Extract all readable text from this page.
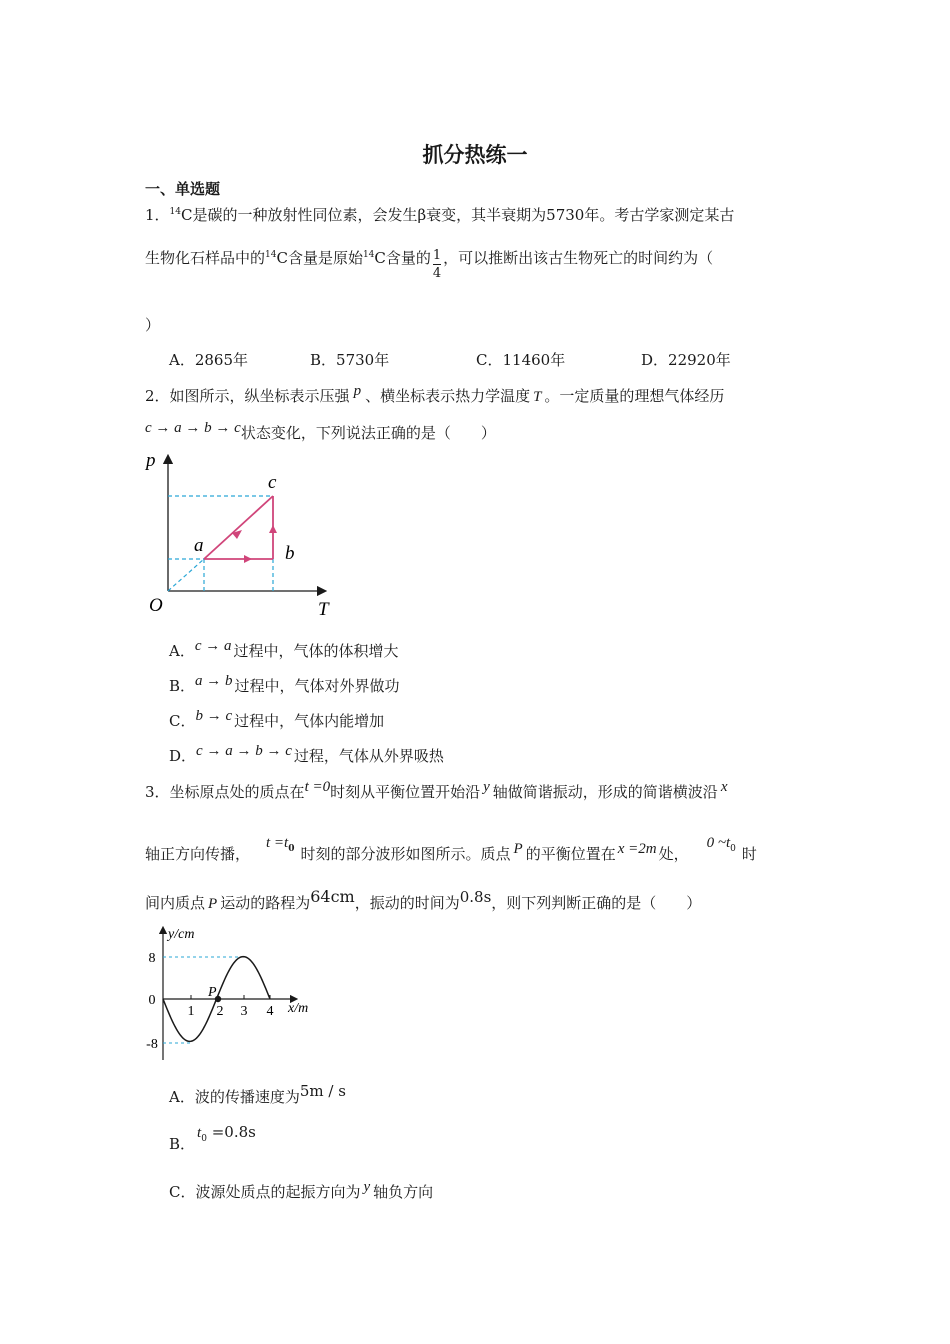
抓分热练一
一、单选题
1．$^{14}$C是碳的一种放射性同位素，会发生β衰变，其半衰期为5730年。考古学家测定某古
生物化石样品中的$^{14}$C含量是原始$^{14}$C含量的 $\frac{1}{4}$ ，可以推断出该古生物死亡的时间约为（
）
A．2865年	B．5730年	C．11460年	D．22920年
2．如图所示，纵坐标表示压强 p 、横坐标表示热力学温度 T 。一定质量的理想气体经历
c → a → b → c状态变化，下列说法正确的是（　　）
p
T
O
a	b
c
A．c → a 过程中，气体的体积增大
B．a → b 过程中，气体对外界做功
C．b → c 过程中，气体内能增加
D．c → a → b → c 过程，气体从外界吸热
3．坐标原点处的质点在t =0时刻从平衡位置开始沿 y 轴做简谐振动，形成的简谐横波沿 x
轴正方向传播，$t =t_0$ 时刻的部分波形如图所示。质点 P 的平衡位置在 x =2m 处，0 $\sim t_0$ 时
间内质点 P 运动的路程为64cm，振动的时间为0.8s，则下列判断正确的是（　　）
y/cm
x/m
8
0
-8
1 2 3 4
P
A．波的传播速度为5m / s
B．$t_0 =0.8s$
C．波源处质点的起振方向为 y 轴负方向
